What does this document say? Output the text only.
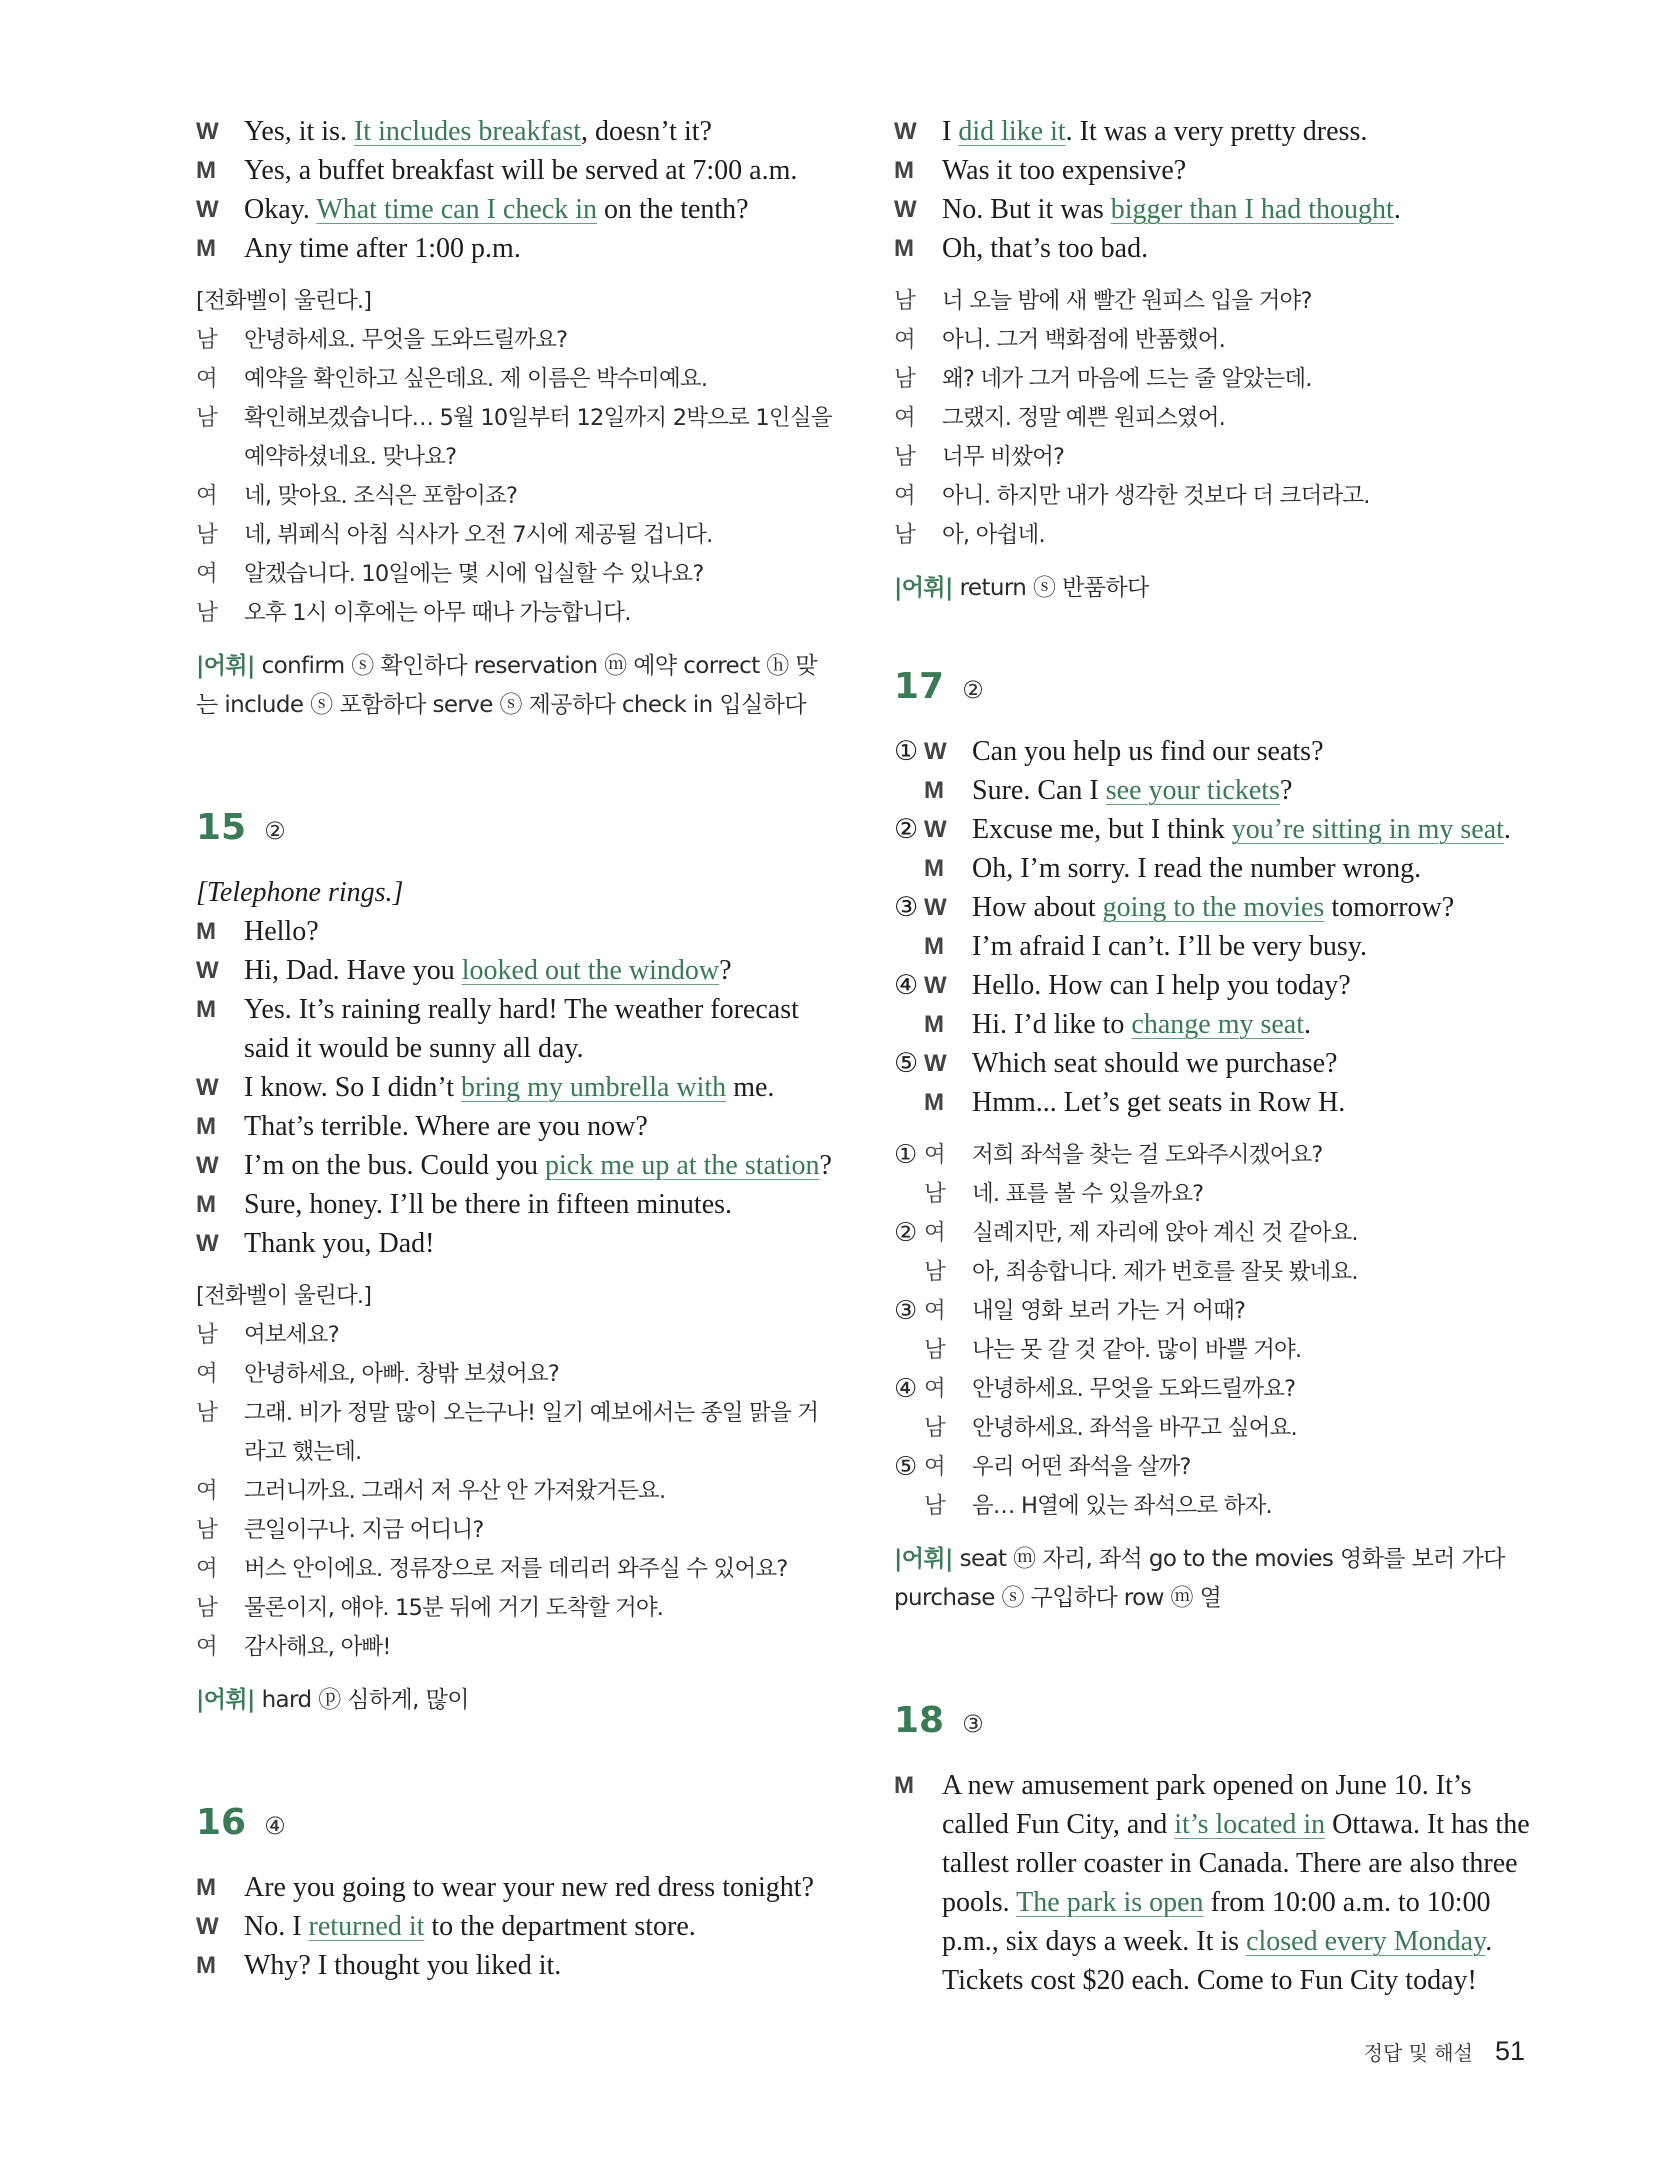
W Yes, it is. It includes breakfast, doesn’t it?
M Yes, a buffet breakfast will be served at 7:00 a.m.
W Okay. What time can I check in on the tenth?
M Any time after 1:00 p.m.
[전화벨이 울린다.]
남 안녕하세요. 무엇을 도와드릴까요?
여 예약을 확인하고 싶은데요. 제 이름은 박수미예요.
남 확인해보겠습니다… 5월 10일부터 12일까지 2박으로 1인실을 예약하셨네요. 맞나요?
여 네, 맞아요. 조식은 포함이죠?
남 네, 뷔페식 아침 식사가 오전 7시에 제공될 겁니다.
여 알겠습니다. 10일에는 몇 시에 입실할 수 있나요?
남 오후 1시 이후에는 아무 때나 가능합니다.
|어휘| confirm ⓢ 확인하다 reservation ⓜ 예약 correct ⓗ 맞는 include ⓢ 포함하다 serve ⓢ 제공하다 check in 입실하다
15 ②
[Telephone rings.]
M Hello?
W Hi, Dad. Have you looked out the window?
M Yes. It’s raining really hard! The weather forecast said it would be sunny all day.
W I know. So I didn’t bring my umbrella with me.
M That’s terrible. Where are you now?
W I’m on the bus. Could you pick me up at the station?
M Sure, honey. I’ll be there in fifteen minutes.
W Thank you, Dad!
[전화벨이 울린다.]
남 여보세요?
여 안녕하세요, 아빠. 창밖 보셨어요?
남 그래. 비가 정말 많이 오는구나! 일기 예보에서는 종일 맑을 거라고 했는데.
여 그러니까요. 그래서 저 우산 안 가져왔거든요.
남 큰일이구나. 지금 어디니?
여 버스 안이에요. 정류장으로 저를 데리러 와주실 수 있어요?
남 물론이지, 얘야. 15분 뒤에 거기 도착할 거야.
여 감사해요, 아빠!
|어휘| hard ⓟ 심하게, 많이
16 ④
M Are you going to wear your new red dress tonight?
W No. I returned it to the department store.
M Why? I thought you liked it.
W I did like it. It was a very pretty dress.
M Was it too expensive?
W No. But it was bigger than I had thought.
M Oh, that’s too bad.
남 너 오늘 밤에 새 빨간 원피스 입을 거야?
여 아니. 그거 백화점에 반품했어.
남 왜? 네가 그거 마음에 드는 줄 알았는데.
여 그랬지. 정말 예쁜 원피스였어.
남 너무 비쌌어?
여 아니. 하지만 내가 생각한 것보다 더 크더라고.
남 아, 아쉽네.
|어휘| return ⓢ 반품하다
17 ②
① W Can you help us find our seats?
M Sure. Can I see your tickets?
② W Excuse me, but I think you’re sitting in my seat.
M Oh, I’m sorry. I read the number wrong.
③ W How about going to the movies tomorrow?
M I’m afraid I can’t. I’ll be very busy.
④ W Hello. How can I help you today?
M Hi. I’d like to change my seat.
⑤ W Which seat should we purchase?
M Hmm... Let’s get seats in Row H.
① 여 저희 좌석을 찾는 걸 도와주시겠어요?
남 네. 표를 볼 수 있을까요?
② 여 실례지만, 제 자리에 앉아 계신 것 같아요.
남 아, 죄송합니다. 제가 번호를 잘못 봤네요.
③ 여 내일 영화 보러 가는 거 어때?
남 나는 못 갈 것 같아. 많이 바쁠 거야.
④ 여 안녕하세요. 무엇을 도와드릴까요?
남 안녕하세요. 좌석을 바꾸고 싶어요.
⑤ 여 우리 어떤 좌석을 살까?
남 음… H열에 있는 좌석으로 하자.
|어휘| seat ⓜ 자리, 좌석 go to the movies 영화를 보러 가다 purchase ⓢ 구입하다 row ⓜ 열
18 ③
M A new amusement park opened on June 10. It’s called Fun City, and it’s located in Ottawa. It has the tallest roller coaster in Canada. There are also three pools. The park is open from 10:00 a.m. to 10:00 p.m., six days a week. It is closed every Monday. Tickets cost $20 each. Come to Fun City today!
정답 및 해설 51
